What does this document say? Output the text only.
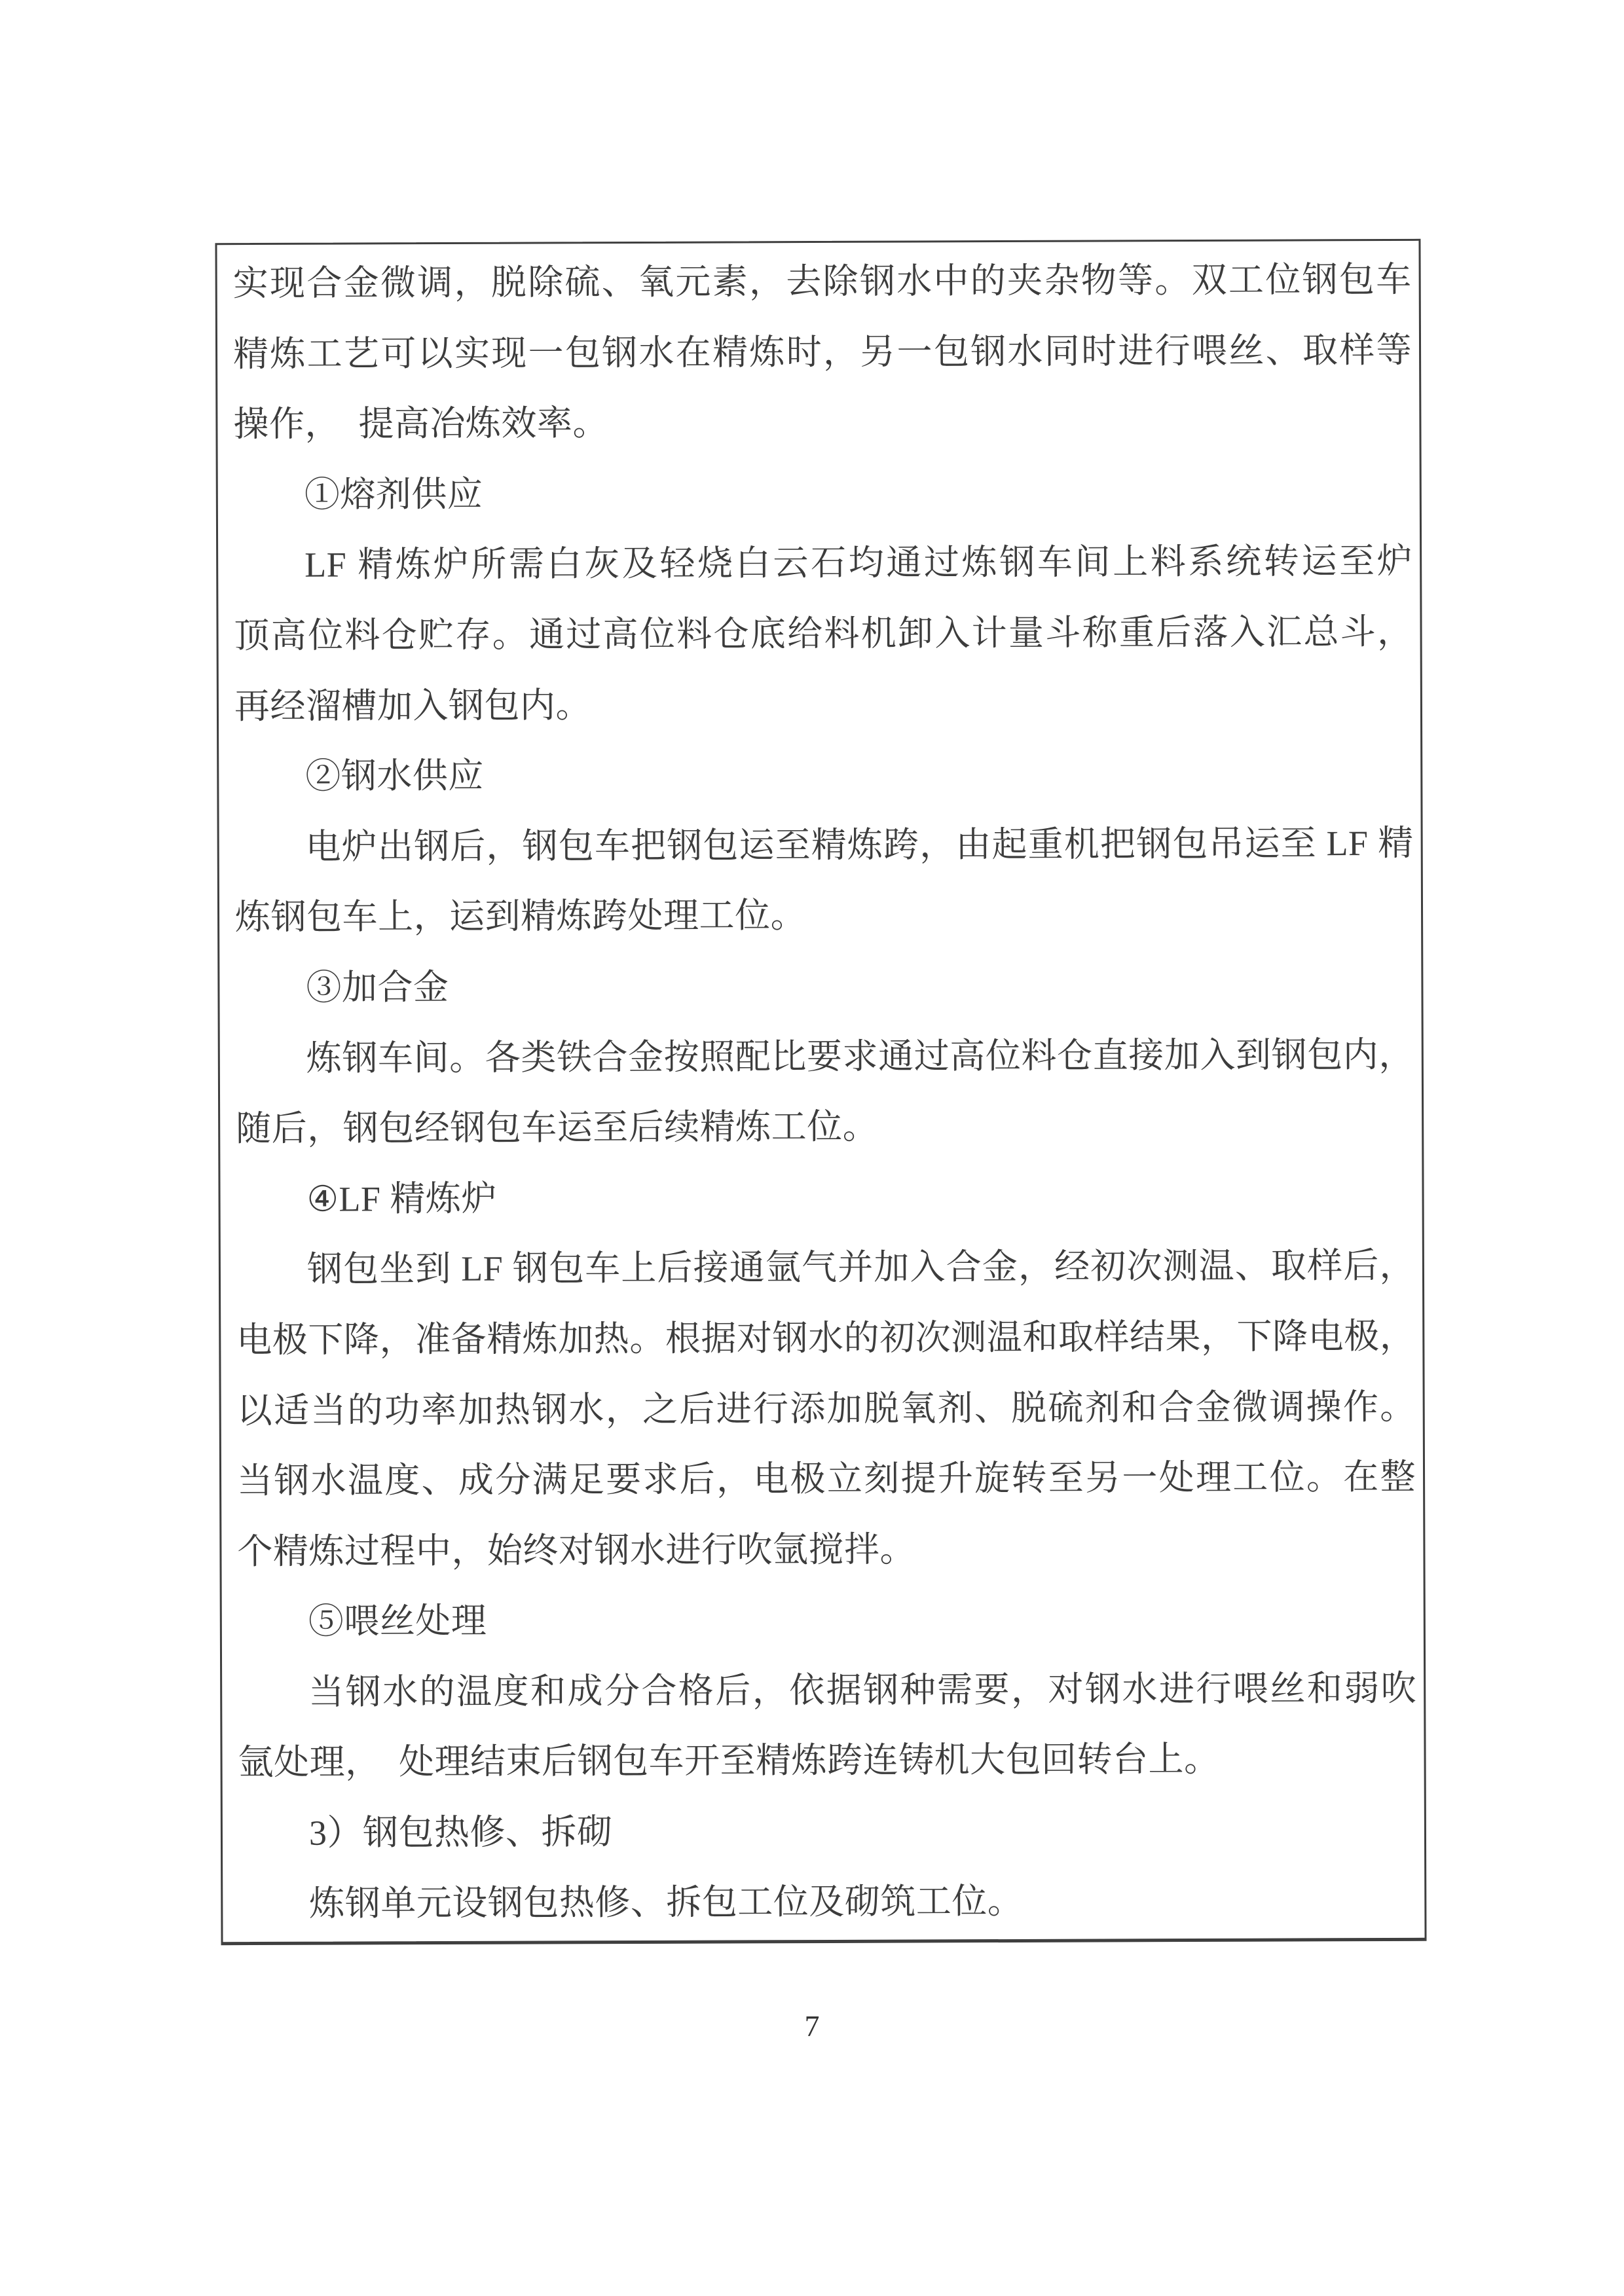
实现合金微调，脱除硫、氧元素，去除钢水中的夹杂物等。双工位钢包车
精炼工艺可以实现一包钢水在精炼时，另一包钢水同时进行喂丝、取样等
操作，　提高冶炼效率。
①熔剂供应
LF 精炼炉所需白灰及轻烧白云石均通过炼钢车间上料系统转运至炉
顶高位料仓贮存。通过高位料仓底给料机卸入计量斗称重后落入汇总斗，
再经溜槽加入钢包内。
②钢水供应
电炉出钢后，钢包车把钢包运至精炼跨，由起重机把钢包吊运至 LF 精
炼钢包车上，运到精炼跨处理工位。
③加合金
炼钢车间。各类铁合金按照配比要求通过高位料仓直接加入到钢包内，
随后，钢包经钢包车运至后续精炼工位。
④LF 精炼炉
钢包坐到 LF 钢包车上后接通氩气并加入合金，经初次测温、取样后，
电极下降，准备精炼加热。根据对钢水的初次测温和取样结果，下降电极，
以适当的功率加热钢水，之后进行添加脱氧剂、脱硫剂和合金微调操作。
当钢水温度、成分满足要求后，电极立刻提升旋转至另一处理工位。在整
个精炼过程中，始终对钢水进行吹氩搅拌。
⑤喂丝处理
当钢水的温度和成分合格后，依据钢种需要，对钢水进行喂丝和弱吹
氩处理，　处理结束后钢包车开至精炼跨连铸机大包回转台上。
3）钢包热修、拆砌
炼钢单元设钢包热修、拆包工位及砌筑工位。
7
